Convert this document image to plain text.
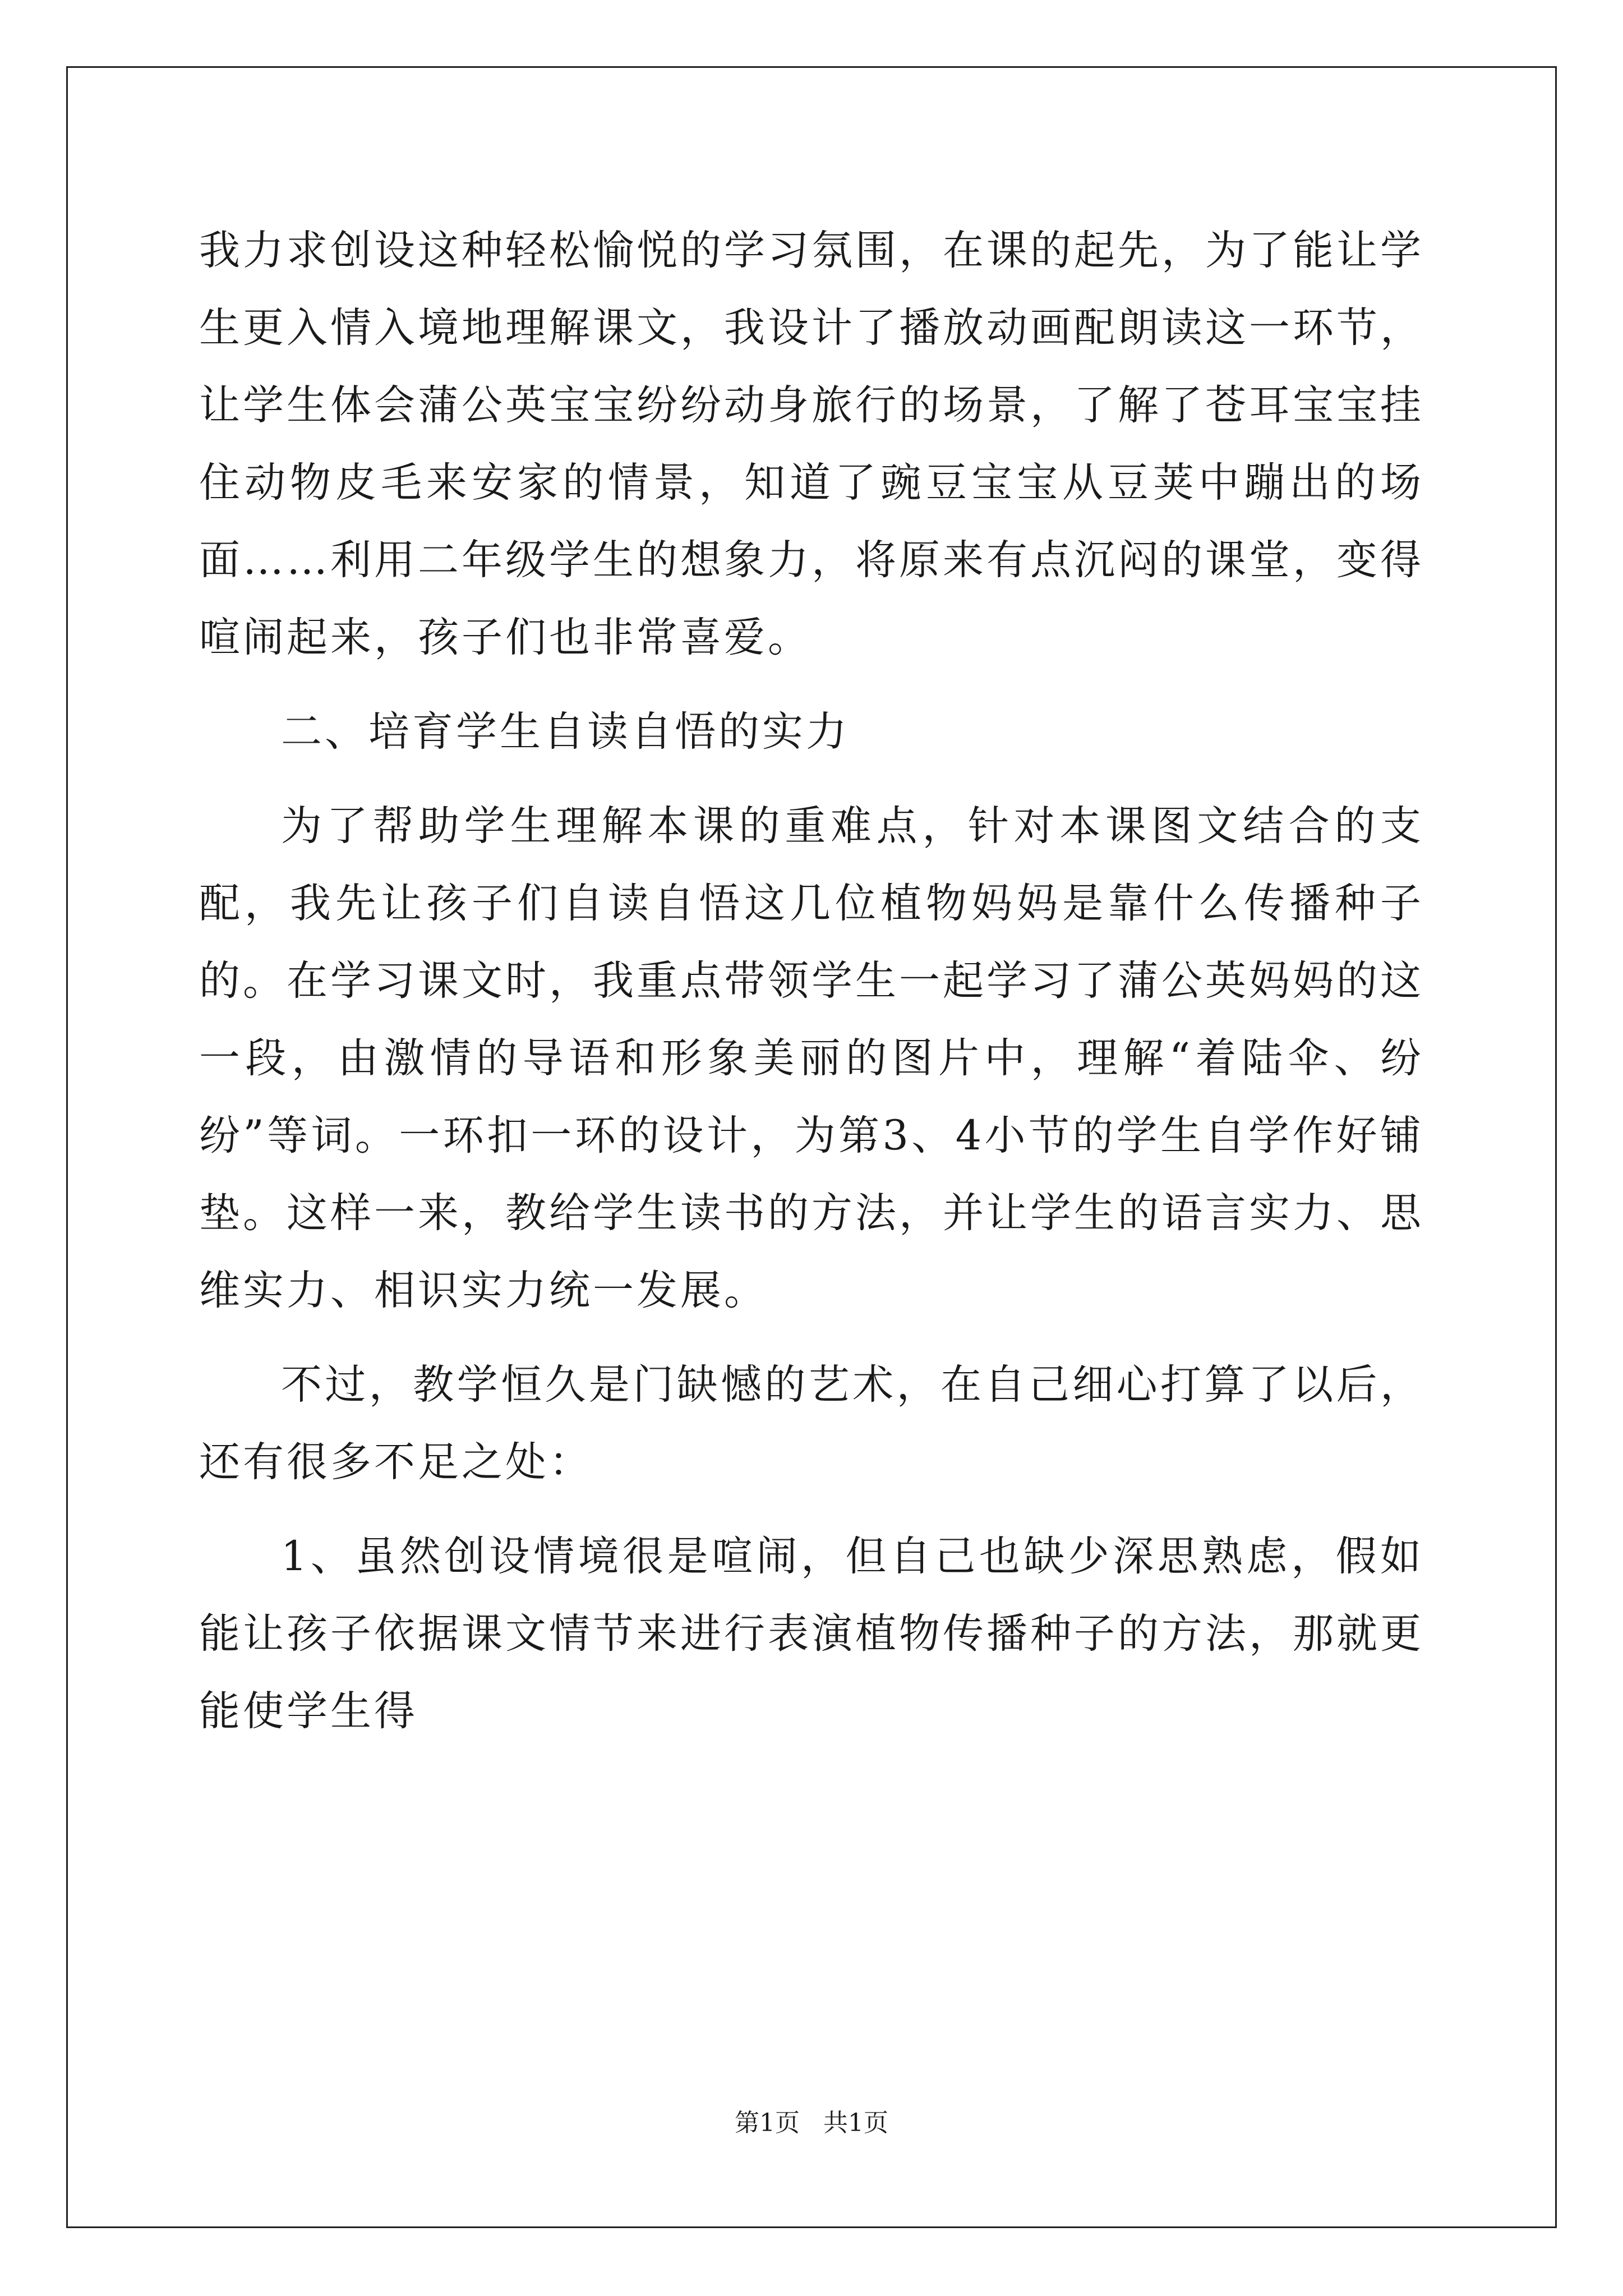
我力求创设这种轻松愉悦的学习氛围，在课的起先，为了能让学生更入情入境地理解课文，我设计了播放动画配朗读这一环节，让学生体会蒲公英宝宝纷纷动身旅行的场景，了解了苍耳宝宝挂住动物皮毛来安家的情景，知道了豌豆宝宝从豆荚中蹦出的场面……利用二年级学生的想象力，将原来有点沉闷的课堂，变得喧闹起来，孩子们也非常喜爱。

二、培育学生自读自悟的实力

为了帮助学生理解本课的重难点，针对本课图文结合的支配，我先让孩子们自读自悟这几位植物妈妈是靠什么传播种子的。在学习课文时，我重点带领学生一起学习了蒲公英妈妈的这一段，由激情的导语和形象美丽的图片中，理解“着陆伞、纷纷”等词。一环扣一环的设计，为第3、4小节的学生自学作好铺垫。这样一来，教给学生读书的方法，并让学生的语言实力、思维实力、相识实力统一发展。

不过，教学恒久是门缺憾的艺术，在自己细心打算了以后，还有很多不足之处：

1、虽然创设情境很是喧闹，但自己也缺少深思熟虑，假如能让孩子依据课文情节来进行表演植物传播种子的方法，那就更能使学生得

第1页 共1页
